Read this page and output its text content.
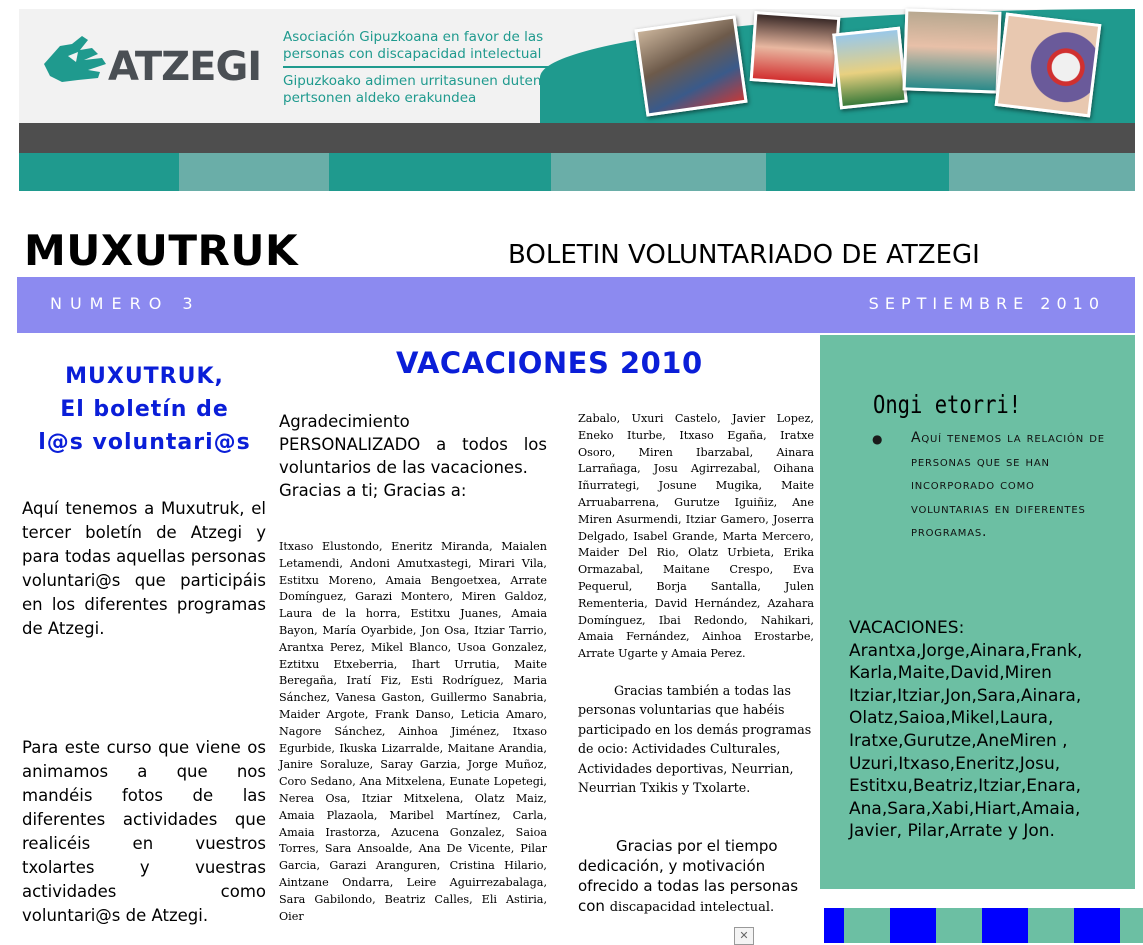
ATZEGI
Asociación Gipuzkoana en favor de las
personas con discapacidad intelectual
Gipuzkoako adimen urritasunen duten
pertsonen aldeko erakundea
MUXUTRUK	BOLETIN VOLUNTARIADO DE ATZEGI
NUMERO 3	SEPTIEMBRE 2010
MUXUTRUK,
El boletín de
l@s voluntari@s
Aquí tenemos a Muxutruk, el tercer boletín de Atzegi y para todas aquellas personas voluntari@s que participáis en los diferentes programas de Atzegi.
Para este curso que viene os animamos a que nos mandéis fotos de las diferentes actividades que realicéis en vuestros txolartes y vuestras actividades como voluntari@s de Atzegi.
VACACIONES 2010
Agradecimiento PERSONALIZADO a todos los voluntarios de las vacaciones.
Gracias a ti; Gracias a:
Itxaso Elustondo, Eneritz Miranda, Maialen Letamendi, Andoni Amutxastegi, Mirari Vila, Estitxu Moreno, Amaia Bengoetxea, Arrate Domínguez, Garazi Montero, Miren Galdoz, Laura de la horra, Estitxu Juanes, Amaia Bayon, María Oyarbide, Jon Osa, Itziar Tarrio, Arantxa Perez, Mikel Blanco, Usoa Gonzalez, Eztitxu Etxeberria, Ihart Urrutia, Maite Beregaña, Iratí Fiz, Esti Rodríguez, Maria Sánchez, Vanesa Gaston, Guillermo Sanabria, Maider Argote, Frank Danso, Leticia Amaro, Nagore Sánchez, Ainhoa Jiménez, Itxaso Egurbide, Ikuska Lizarralde, Maitane Arandia, Janire Soraluze, Saray Garzia, Jorge Muñoz, Coro Sedano, Ana Mitxelena, Eunate Lopetegi, Nerea Osa, Itziar Mitxelena, Olatz Maiz, Amaia Plazaola, Maribel Martínez, Carla, Amaia Irastorza, Azucena Gonzalez, Saioa Torres, Sara Ansoalde, Ana De Vicente, Pilar Garcia, Garazi Aranguren, Cristina Hilario, Aintzane Ondarra, Leire Aguirrezabalaga, Sara Gabilondo, Beatriz Calles, Eli Astiria, Oier
Zabalo, Uxuri Castelo, Javier Lopez, Eneko Iturbe, Itxaso Egaña, Iratxe Osoro, Miren Ibarzabal, Ainara Larrañaga, Josu Agirrezabal, Oihana Iñurrategi, Josune Mugika, Maite Arruabarrena, Gurutze Iguiñiz, Ane Miren Asurmendi, Itziar Gamero, Joserra Delgado, Isabel Grande, Marta Mercero, Maider Del Rio, Olatz Urbieta, Erika Ormazabal, Maitane Crespo, Eva Pequerul, Borja Santalla, Julen Rementeria, David Hernández, Azahara Domínguez, Ibai Redondo, Nahikari, Amaia Fernández, Ainhoa Erostarbe, Arrate Ugarte y Amaia Perez.
Gracias también a todas las personas voluntarias que habéis participado en los demás programas de ocio: Actividades Culturales, Actividades deportivas, Neurrian, Neurrian Txikis y Txolarte.
Gracias por el tiempo dedicación, y motivación ofrecido a todas las personas con discapacidad intelectual.
✕
Ongi etorri!
● Aquí tenemos la relación de personas que se han incorporado como voluntarias en diferentes programas.
VACACIONES:
Arantxa,Jorge,Ainara,Frank, Karla,Maite,David,Miren Itziar,Itziar,Jon,Sara,Ainara, Olatz,Saioa,Mikel,Laura, Iratxe,Gurutze,AneMiren , Uzuri,Itxaso,Eneritz,Josu, Estitxu,Beatriz,Itziar,Enara, Ana,Sara,Xabi,Hiart,Amaia, Javier, Pilar,Arrate y Jon.
